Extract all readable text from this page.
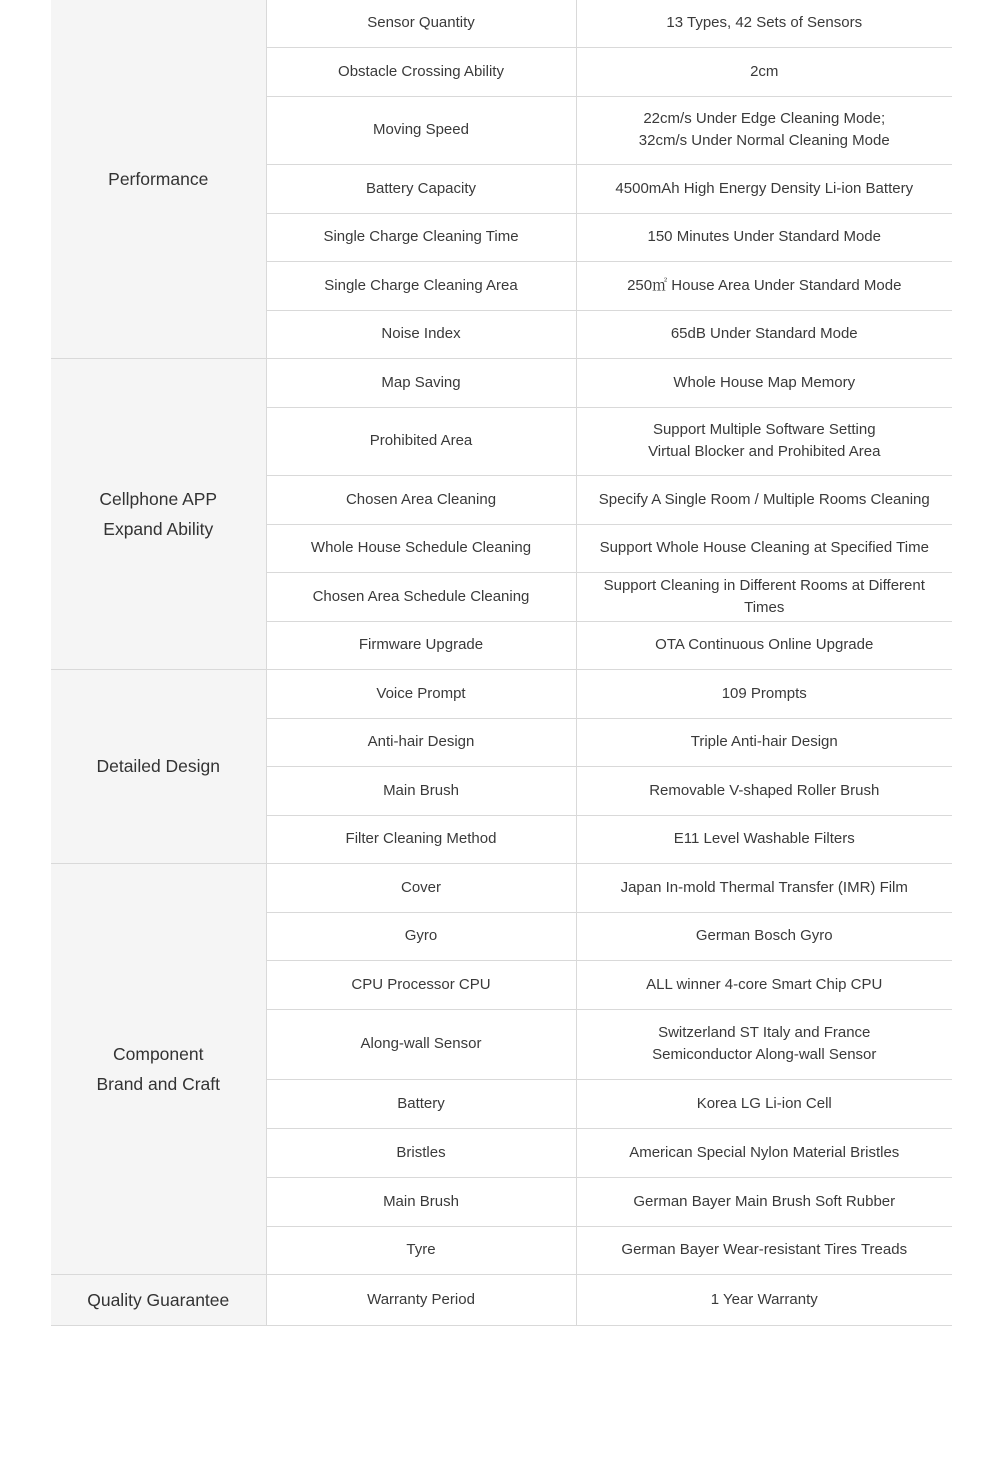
Performance	Sensor Quantity	13 Types, 42 Sets of Sensors

	Obstacle Crossing Ability	2cm

	Moving Speed	22cm/s Under Edge Cleaning Mode;
32cm/s Under Normal Cleaning Mode

	Battery Capacity	4500mAh High Energy Density Li-ion Battery

	Single Charge Cleaning Time	150 Minutes Under Standard Mode

	Single Charge Cleaning Area	250㎡ House Area Under Standard Mode

	Noise Index	65dB Under Standard Mode

Cellphone APP
Expand Ability	Map Saving	Whole House Map Memory

	Prohibited Area	Support Multiple Software Setting
Virtual Blocker and Prohibited Area

	Chosen Area Cleaning	Specify A Single Room / Multiple Rooms Cleaning

	Whole House Schedule Cleaning	Support Whole House Cleaning at Specified Time

	Chosen Area Schedule Cleaning	Support Cleaning in Different Rooms at Different Times

	Firmware Upgrade	OTA Continuous Online Upgrade

Detailed Design	Voice Prompt	109 Prompts

	Anti-hair Design	Triple Anti-hair Design

	Main Brush	Removable V-shaped Roller Brush

	Filter Cleaning Method	E11 Level Washable Filters

Component
Brand and Craft	Cover	Japan In-mold Thermal Transfer (IMR) Film

	Gyro	German Bosch Gyro

	CPU Processor CPU	ALL winner 4-core Smart Chip CPU

	Along-wall Sensor	Switzerland ST Italy and France
Semiconductor Along-wall Sensor

	Battery	Korea LG Li-ion Cell

	Bristles	American Special Nylon Material Bristles

	Main Brush	German Bayer Main Brush Soft Rubber

	Tyre	German Bayer Wear-resistant Tires Treads

Quality Guarantee	Warranty Period	1 Year Warranty
